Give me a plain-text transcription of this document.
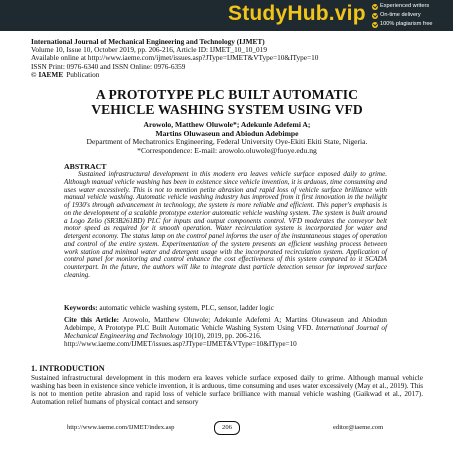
StudyHub.vip	Experienced writers
On-time delivery
100% plagiarism free
International Journal of Mechanical Engineering and Technology (IJMET)
Volume 10, Issue 10, October 2019, pp. 206-216, Article ID: IJMET_10_10_019
Available online at http://www.iaeme.com/ijmet/issues.asp?JType=IJMET&VType=10&IType=10
ISSN Print: 0976-6340 and ISSN Online: 0976-6359
© IAEME Publication
A PROTOTYPE PLC BUILT AUTOMATIC
VEHICLE WASHING SYSTEM USING VFD
Arowolo, Matthew Oluwole*; Adekunle Adefemi A;
Martins Oluwaseun and Abiodun Adebimpe
Department of Mechatronics Engineering, Federal University Oye-Ekiti Ekiti State, Nigeria.
*Correspondence: E-mail: arowolo.oluwole@fuoye.edu.ng
ABSTRACT
Sustained infrastructural development in this modern era leaves vehicle surface exposed daily to grime. Although manual vehicle washing has been in existence since vehicle invention, it is arduous, time consuming and uses water excessively. This is not to mention petite abrasion and rapid loss of vehicle surface brilliance with manual vehicle washing. Automatic vehicle washing industry has improved from it first innovation in the twilight of 1930's through advancement in technology, the system is more reliable and efficient. This paper's emphasis is on the development of a scalable prototype exterior automatic vehicle washing system. The system is built around a Logo Zelio (SR3B261BD) PLC for inputs and output components control. VFD moderates the conveyor belt motor speed as required for it smooth operation. Water recirculation system is incorporated for water and detergent economy. The status lamp on the control panel informs the user of the instantaneous stages of operation and control of the entire system. Experimentation of the system presents an efficient washing process between work station and minimal water and detergent usage with the incorporated recirculation system. Application of control panel for monitoring and control enhance the cost effectiveness of this system compared to it SCADA counterpart. In the future, the authors will like to integrate dust particle detection sensor for improved surface cleaning.
Keywords: automatic vehicle washing system, PLC, sensor, ladder logic
Cite this Article: Arowolo, Matthew Oluwole; Adekunle Adefemi A; Martins Oluwaseun and Abiodun Adebimpe, A Prototype PLC Built Automatic Vehicle Washing System Using VFD. International Journal of Mechanical Engineering and Technology 10(10), 2019, pp. 206-216.
http://www.iaeme.com/IJMET/issues.asp?JType=IJMET&VType=10&IType=10
1. INTRODUCTION
Sustained infrastructural development in this modern era leaves vehicle surface exposed daily to grime. Although manual vehicle washing has been in existence since vehicle invention, it is arduous, time consuming and uses water excessively (May et al., 2019). This is not to mention petite abrasion and rapid loss of vehicle surface brilliance with manual vehicle washing (Gaikwad et al., 2017). Automation relief humans of physical contact and sensory
http://www.iaeme.com/IJMET/index.asp	206	editor@iaeme.com
